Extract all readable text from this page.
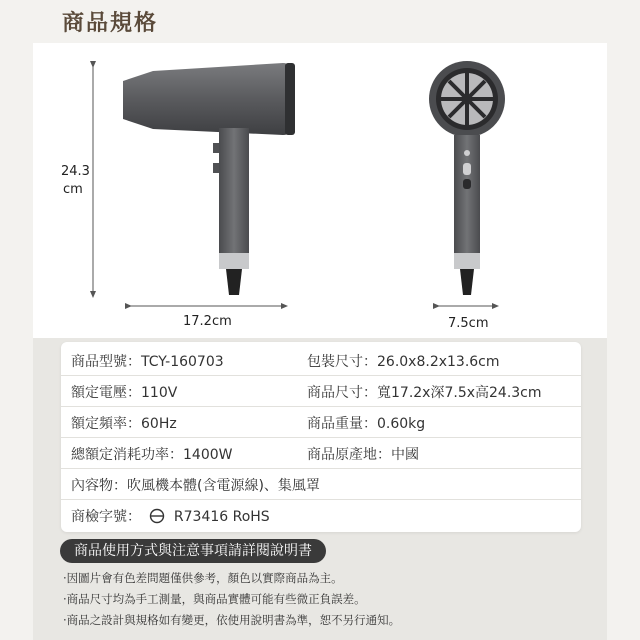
商品規格
24.3
cm
17.2cm	7.5cm
商品型號：TCY-160703	包裝尺寸：26.0x8.2x13.6cm
額定電壓：110V	商品尺寸：寬17.2x深7.5x高24.3cm
額定頻率：60Hz	商品重量：0.60kg
總額定消耗功率：1400W	商品原產地：中國
內容物：吹風機本體(含電源線)、集風罩
商檢字號： R73416 RoHS
商品使用方式與注意事項請詳閱說明書
‧因圖片會有色差問題僅供參考，顏色以實際商品為主。
‧商品尺寸均為手工測量，與商品實體可能有些微正負誤差。
‧商品之設計與規格如有變更，依使用說明書為準，恕不另行通知。
